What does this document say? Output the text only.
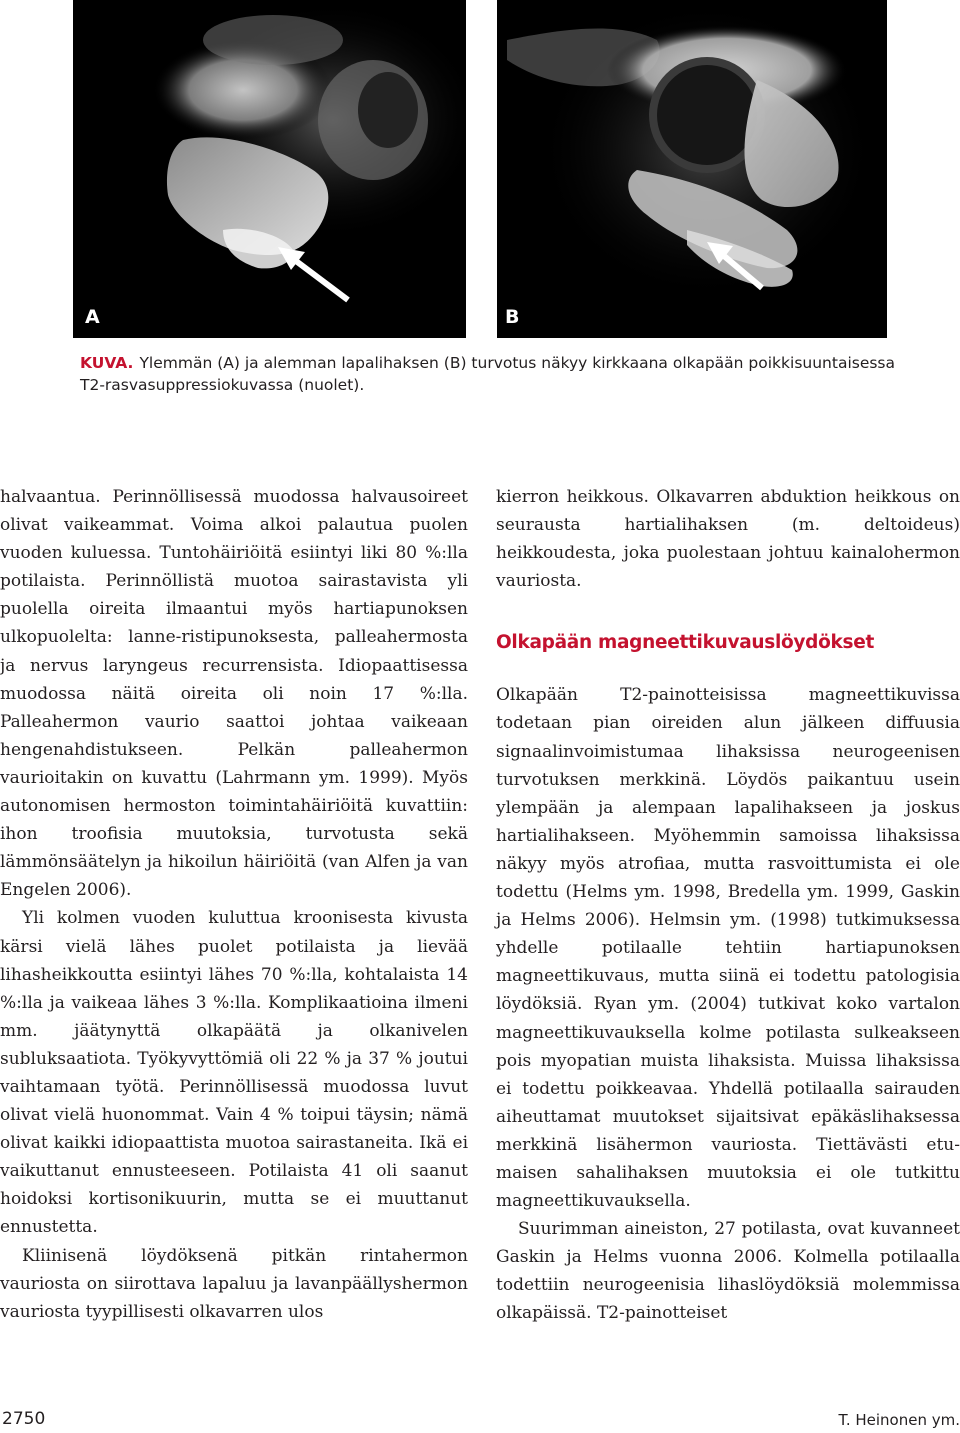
A	B
KUVA. Ylemmän (A) ja alemman lapalihaksen (B) turvotus näkyy kirkkaana olkapään poikkisuuntaisessa T2-rasvasuppressiokuvassa (nuolet).

halvaantua. Perinnöllisessä muodossa halvausoireet olivat vaikeammat. Voima alkoi palautua puolen vuoden kuluessa. Tuntohäiriöitä esiintyi liki 80 %:lla potilaista. Perinnöllistä muotoa sairastavista yli puolella oireita ilmaantui myös hartiapunoksen ulkopuolelta: lanne-ristipunoksesta, palleahermosta ja nervus laryngeus recurrensista. Idiopaattisessa muodossa näitä oireita oli noin 17 %:lla. Palleahermon vaurio saattoi johtaa vaikeaan hengenahdistukseen. Pelkän palleahermon vaurioitakin on kuvattu (Lahrmann ym. 1999). Myös autonomisen hermoston toimintahäiriöitä kuvattiin: ihon troofisia muutoksia, turvotusta sekä lämmönsäätelyn ja hikoilun häiriöitä (van Alfen ja van Engelen 2006).

Yli kolmen vuoden kuluttua kroonisesta kivusta kärsi vielä lähes puolet potilaista ja lievää lihasheikkoutta esiintyi lähes 70 %:lla, kohtalaista 14 %:lla ja vaikeaa lähes 3 %:lla. Komplikaatioina ilmeni mm. jäätynyttä olkapäätä ja olkanivelen subluksaatiota. Työkyvyttömiä oli 22 % ja 37 % joutui vaihtamaan työtä. Perinnöllisessä muodossa luvut olivat vielä huonommat. Vain 4 % toipui täysin; nämä olivat kaikki idiopaattista muotoa sairastaneita. Ikä ei vaikuttanut ennusteeseen. Potilaista 41 oli saanut hoidoksi kortisonikuurin, mutta se ei muuttanut ennustetta.

Kliinisenä löydöksenä pitkän rintahermon vauriosta on siirottava lapaluu ja lavanpäällyshermon vauriosta tyypillisesti olkavarren ulos

kierron heikkous. Olkavarren abduktion heikkous on seurausta hartialihaksen (m. deltoideus) heikkoudesta, joka puolestaan johtuu kainalohermon vauriosta.

Olkapään magneettikuvauslöydökset

Olkapään T2-painotteisissa magneettikuvissa todetaan pian oireiden alun jälkeen diffuusia signaalinvoimistumaa lihaksissa neurogeenisen turvotuksen merkkinä. Löydös paikantuu usein ylempään ja alempaan lapalihakseen ja joskus hartialihakseen. Myöhemmin samoissa lihaksissa näkyy myös atrofiaa, mutta rasvoittumista ei ole todettu (Helms ym. 1998, Bredella ym. 1999, Gaskin ja Helms 2006). Helmsin ym. (1998) tutkimuksessa yhdelle potilaalle tehtiin hartiapunoksen magneettikuvaus, mutta siinä ei todettu patologisia löydöksiä. Ryan ym. (2004) tutkivat koko vartalon magneettikuvauksella kolme potilasta sulkeakseen pois myopatian muista lihaksista. Muissa lihaksissa ei todettu poikkeavaa. Yhdellä potilaalla sairauden aiheuttamat muutokset sijaitsivat epäkäslihaksessa merkkinä lisähermon vauriosta. Tiettävästi etumaisen sahalihaksen muutoksia ei ole tutkittu magneettikuvauksella.

Suurimman aineiston, 27 potilasta, ovat kuvanneet Gaskin ja Helms vuonna 2006. Kolmella potilaalla todettiin neurogeenisia lihaslöydöksiä molemmissa olkapäissä. T2-painotteiset

2750	T. Heinonen ym.
